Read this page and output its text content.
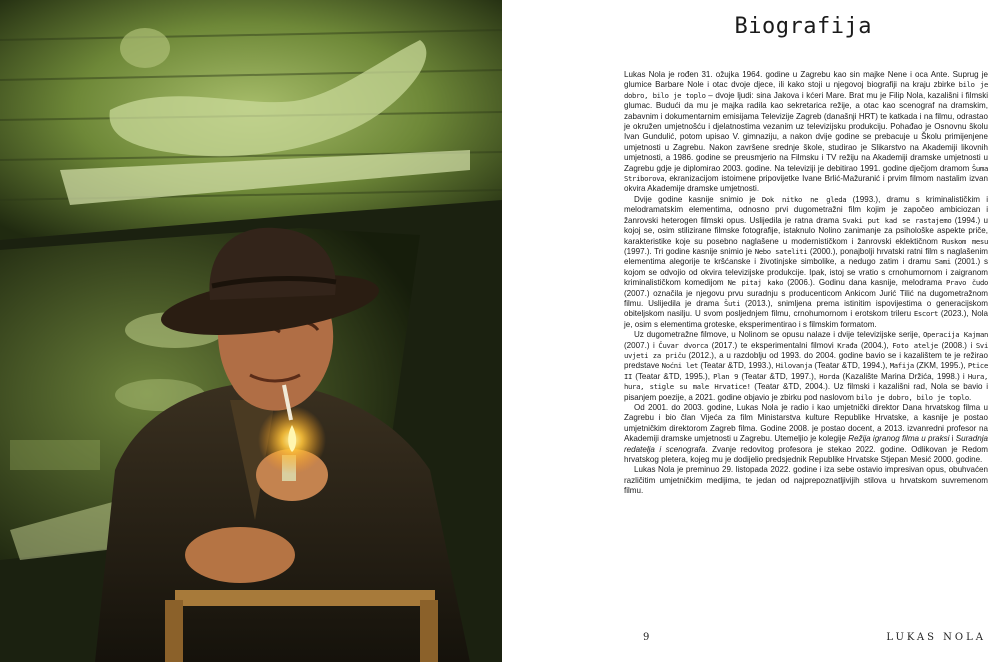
Biografija

Lukas Nola je rođen 31. ožujka 1964. godine u Zagrebu kao sin majke Nene i oca Ante. Suprug je glumice Barbare Nole i otac dvoje djece, ili kako stoji u njegovoj biografiji na kraju zbirke bilo je dobro, bilo je toplo – dvoje ljudi: sina Jakova i kćeri Mare. Brat mu je Filip Nola, kazališni i filmski glumac. Budući da mu je majka radila kao sekretarica režije, a otac kao scenograf na dramskim, zabavnim i dokumentarnim emisijama Televizije Zagreb (današnji HRT) te katkada i na filmu, odrastao je okružen umjetnošću i djelatnostima vezanim uz televizijsku produkciju. Pohađao je Osnovnu školu Ivan Gundulić, potom upisao V. gimnaziju, a nakon dvije godine se prebacuje u Školu primijenjene umjetnosti u Zagrebu. Nakon završene srednje škole, studirao je Slikarstvo na Akademiji likovnih umjetnosti, a 1986. godine se preusmjerio na Filmsku i TV režiju na Akademiji dramske umjetnosti u Zagrebu gdje je diplomirao 2003. godine. Na televiziji je debitirao 1991. godine dječjom dramom Šuma Striborova, ekranizacijom istoimene pripovijetke Ivane Brlić-Mažuranić i prvim filmom nastalim izvan okvira Akademije dramske umjetnosti.

Dvije godine kasnije snimio je Dok nitko ne gleda (1993.), dramu s kriminalističkim i melodramatskim elementima, odnosno prvi dugometražni film kojim je započeo ambiciozan i žanrovski heterogen filmski opus. Uslijedila je ratna drama Svaki put kad se rastajemo (1994.) u kojoj se, osim stilizirane filmske fotografije, istaknulo Nolino zanimanje za psihološke aspekte priče, karakteristike koje su posebno naglašene u modernističkom i žanrovski eklektičnom Ruskom mesu (1997.). Tri godine kasnije snimio je Nebo sateliti (2000.), ponajbolji hrvatski ratni film s naglašenim elementima alegorije te kršćanske i životinjske simbolike, a nedugo zatim i dramu Sami (2001.) s kojom se odvojio od okvira televizijske produkcije. Ipak, istoj se vratio s crnohumornom i zaigranom kriminalističkom komedijom Ne pitaj kako (2006.). Godinu dana kasnije, melodrama Pravo čudo (2007.) označila je njegovu prvu suradnju s producenticom Ankicom Jurić Tilić na dugometražnom filmu. Uslijedila je drama Šuti (2013.), snimljena prema istinitim ispovijestima o generacijskom obiteljskom nasilju. U svom posljednjem filmu, crnohumornom i erotskom trileru Escort (2023.), Nola je, osim s elementima groteske, eksperimentirao i s filmskim formatom.

Uz dugometražne filmove, u Nolinom se opusu nalaze i dvije televizijske serije, Operacija Kajman (2007.) i Čuvar dvorca (2017.) te eksperimentalni filmovi Krađa (2004.), Foto atelje (2008.) i Svi uvjeti za priču (2012.), a u razdoblju od 1993. do 2004. godine bavio se i kazalištem te je režirao predstave Noćni let (Teatar &TD, 1993.), Hilovanja (Teatar &TD, 1994.), Mafija (ZKM, 1995.), Ptice II (Teatar &TD, 1995.), Plan 9 (Teatar &TD, 1997.), Horda (Kazalište Marina Držića, 1998.) i Hura, hura, stigle su male Hrvatice! (Teatar &TD, 2004.). Uz filmski i kazališni rad, Nola se bavio i pisanjem poezije, a 2021. godine objavio je zbirku pod naslovom bilo je dobro, bilo je toplo.

Od 2001. do 2003. godine, Lukas Nola je radio i kao umjetnički direktor Dana hrvatskog filma u Zagrebu i bio član Vijeća za film Ministarstva kulture Republike Hrvatske, a kasnije je postao umjetničkim direktorom Zagreb filma. Godine 2008. je postao docent, a 2013. izvanredni profesor na Akademiji dramske umjetnosti u Zagrebu. Utemeljio je kolegije Režija igranog filma u praksi i Suradnja redatelja i scenografa. Zvanje redovitog profesora je stekao 2022. godine. Odlikovan je Redom hrvatskog pletera, kojeg mu je dodijelio predsjednik Republike Hrvatske Stjepan Mesić 2000. godine.

Lukas Nola je preminuo 29. listopada 2022. godine i iza sebe ostavio impresivan opus, obuhvaćen različitim umjetničkim medijima, te jedan od najprepoznatljivijih stilova u hrvatskom suvremenom filmu.

9	LUKAS NOLA
